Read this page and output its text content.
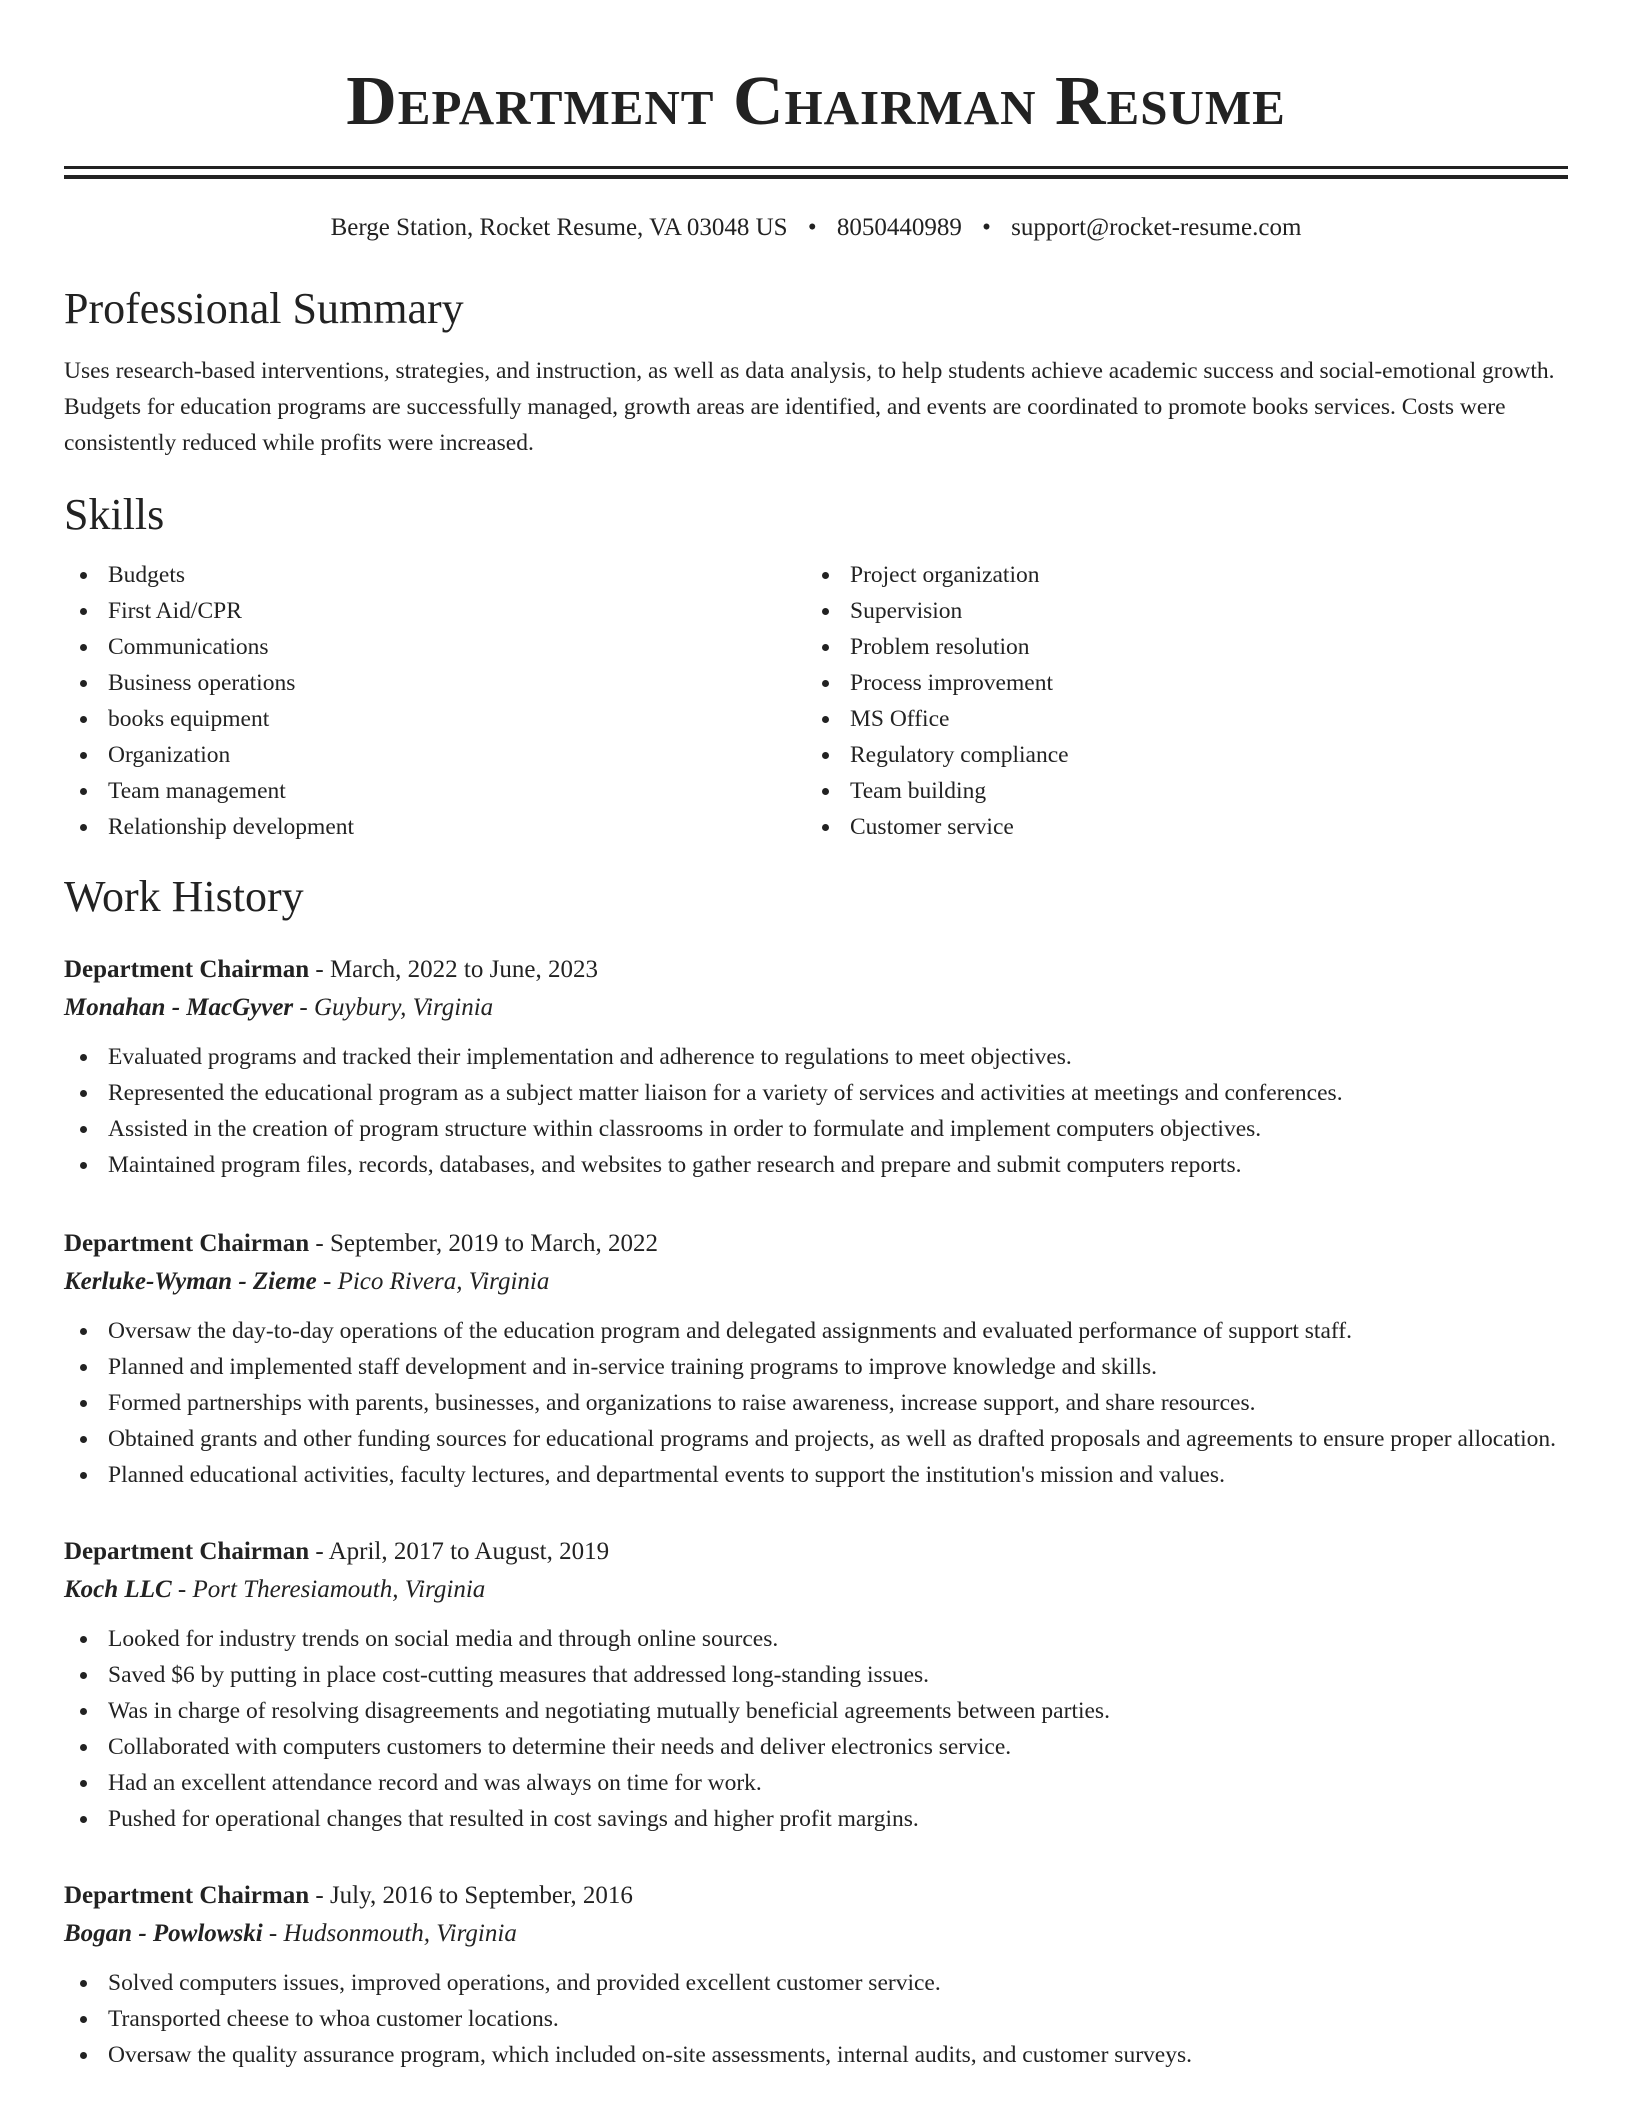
Department Chairman Resume
Berge Station, Rocket Resume, VA 03048 US • 8050440989 • support@rocket-resume.com
Professional Summary

Uses research-based interventions, strategies, and instruction, as well as data analysis, to help students achieve academic success and social-emotional growth. Budgets for education programs are successfully managed, growth areas are identified, and events are coordinated to promote books services. Costs were consistently reduced while profits were increased.

Skills
Budgets
First Aid/CPR
Communications
Business operations
books equipment
Organization
Team management
Relationship development
Project organization
Supervision
Problem resolution
Process improvement
MS Office
Regulatory compliance
Team building
Customer service
Work History
Department Chairman - March, 2022 to June, 2023
Monahan - MacGyver - Guybury, Virginia
Evaluated programs and tracked their implementation and adherence to regulations to meet objectives.
Represented the educational program as a subject matter liaison for a variety of services and activities at meetings and conferences.
Assisted in the creation of program structure within classrooms in order to formulate and implement computers objectives.
Maintained program files, records, databases, and websites to gather research and prepare and submit computers reports.
Department Chairman - September, 2019 to March, 2022
Kerluke-Wyman - Zieme - Pico Rivera, Virginia
Oversaw the day-to-day operations of the education program and delegated assignments and evaluated performance of support staff.
Planned and implemented staff development and in-service training programs to improve knowledge and skills.
Formed partnerships with parents, businesses, and organizations to raise awareness, increase support, and share resources.
Obtained grants and other funding sources for educational programs and projects, as well as drafted proposals and agreements to ensure proper allocation.
Planned educational activities, faculty lectures, and departmental events to support the institution's mission and values.
Department Chairman - April, 2017 to August, 2019
Koch LLC - Port Theresiamouth, Virginia
Looked for industry trends on social media and through online sources.
Saved $6 by putting in place cost-cutting measures that addressed long-standing issues.
Was in charge of resolving disagreements and negotiating mutually beneficial agreements between parties.
Collaborated with computers customers to determine their needs and deliver electronics service.
Had an excellent attendance record and was always on time for work.
Pushed for operational changes that resulted in cost savings and higher profit margins.
Department Chairman - July, 2016 to September, 2016
Bogan - Powlowski - Hudsonmouth, Virginia
Solved computers issues, improved operations, and provided excellent customer service.
Transported cheese to whoa customer locations.
Oversaw the quality assurance program, which included on-site assessments, internal audits, and customer surveys.
